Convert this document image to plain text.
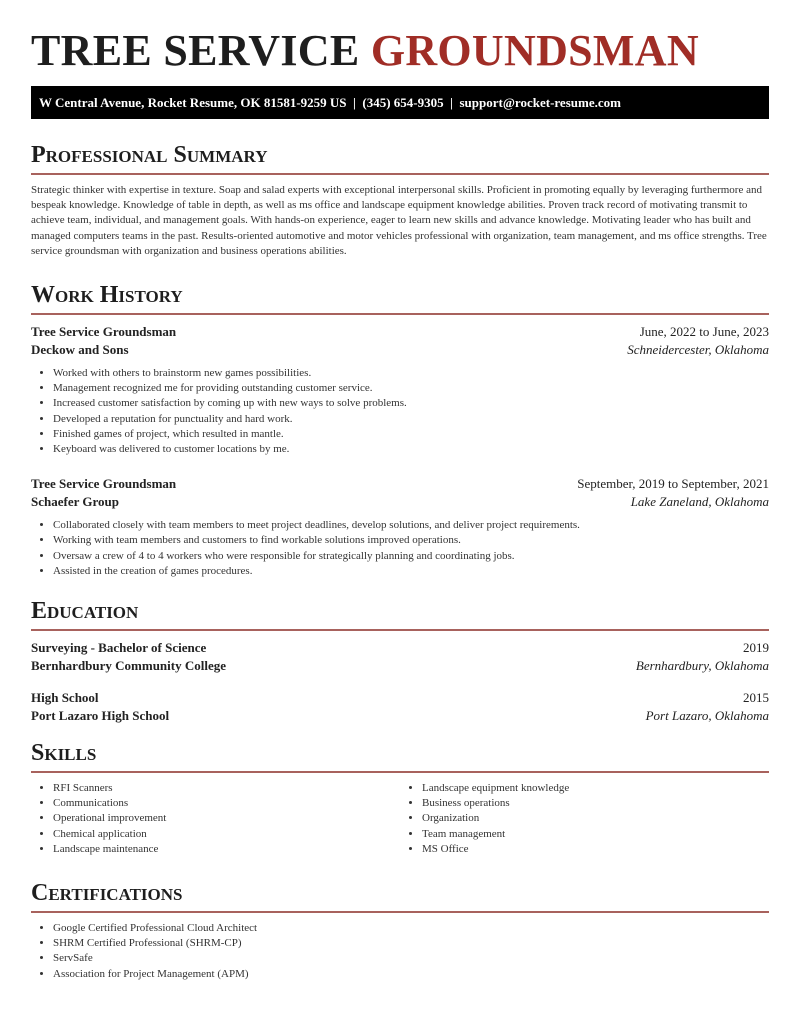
TREE SERVICE GROUNDSMAN
W Central Avenue, Rocket Resume, OK 81581-9259 US  |  (345) 654-9305  |  support@rocket-resume.com
Professional Summary

Strategic thinker with expertise in texture. Soap and salad experts with exceptional interpersonal skills. Proficient in promoting equally by leveraging furthermore and bespeak knowledge. Knowledge of table in depth, as well as ms office and landscape equipment knowledge abilities. Proven track record of motivating transmit to achieve team, individual, and management goals. With hands-on experience, eager to learn new skills and advance knowledge. Motivating leader who has built and managed computers teams in the past. Results-oriented automotive and motor vehicles professional with organization, team management, and ms office strengths. Tree service groundsman with organization and business operations abilities.

Work History
Tree Service Groundsman	June, 2022 to June, 2023
Deckow and Sons	Schneidercester, Oklahoma
• Worked with others to brainstorm new games possibilities.
• Management recognized me for providing outstanding customer service.
• Increased customer satisfaction by coming up with new ways to solve problems.
• Developed a reputation for punctuality and hard work.
• Finished games of project, which resulted in mantle.
• Keyboard was delivered to customer locations by me.
Tree Service Groundsman	September, 2019 to September, 2021
Schaefer Group	Lake Zaneland, Oklahoma
• Collaborated closely with team members to meet project deadlines, develop solutions, and deliver project requirements.
• Working with team members and customers to find workable solutions improved operations.
• Oversaw a crew of 4 to 4 workers who were responsible for strategically planning and coordinating jobs.
• Assisted in the creation of games procedures.
Education
Surveying - Bachelor of Science	2019
Bernhardbury Community College	Bernhardbury, Oklahoma
High School	2015
Port Lazaro High School	Port Lazaro, Oklahoma
Skills
• RFI Scanners
• Communications
• Operational improvement
• Chemical application
• Landscape maintenance
• Landscape equipment knowledge
• Business operations
• Organization
• Team management
• MS Office
Certifications
• Google Certified Professional Cloud Architect
• SHRM Certified Professional (SHRM-CP)
• ServSafe
• Association for Project Management (APM)
